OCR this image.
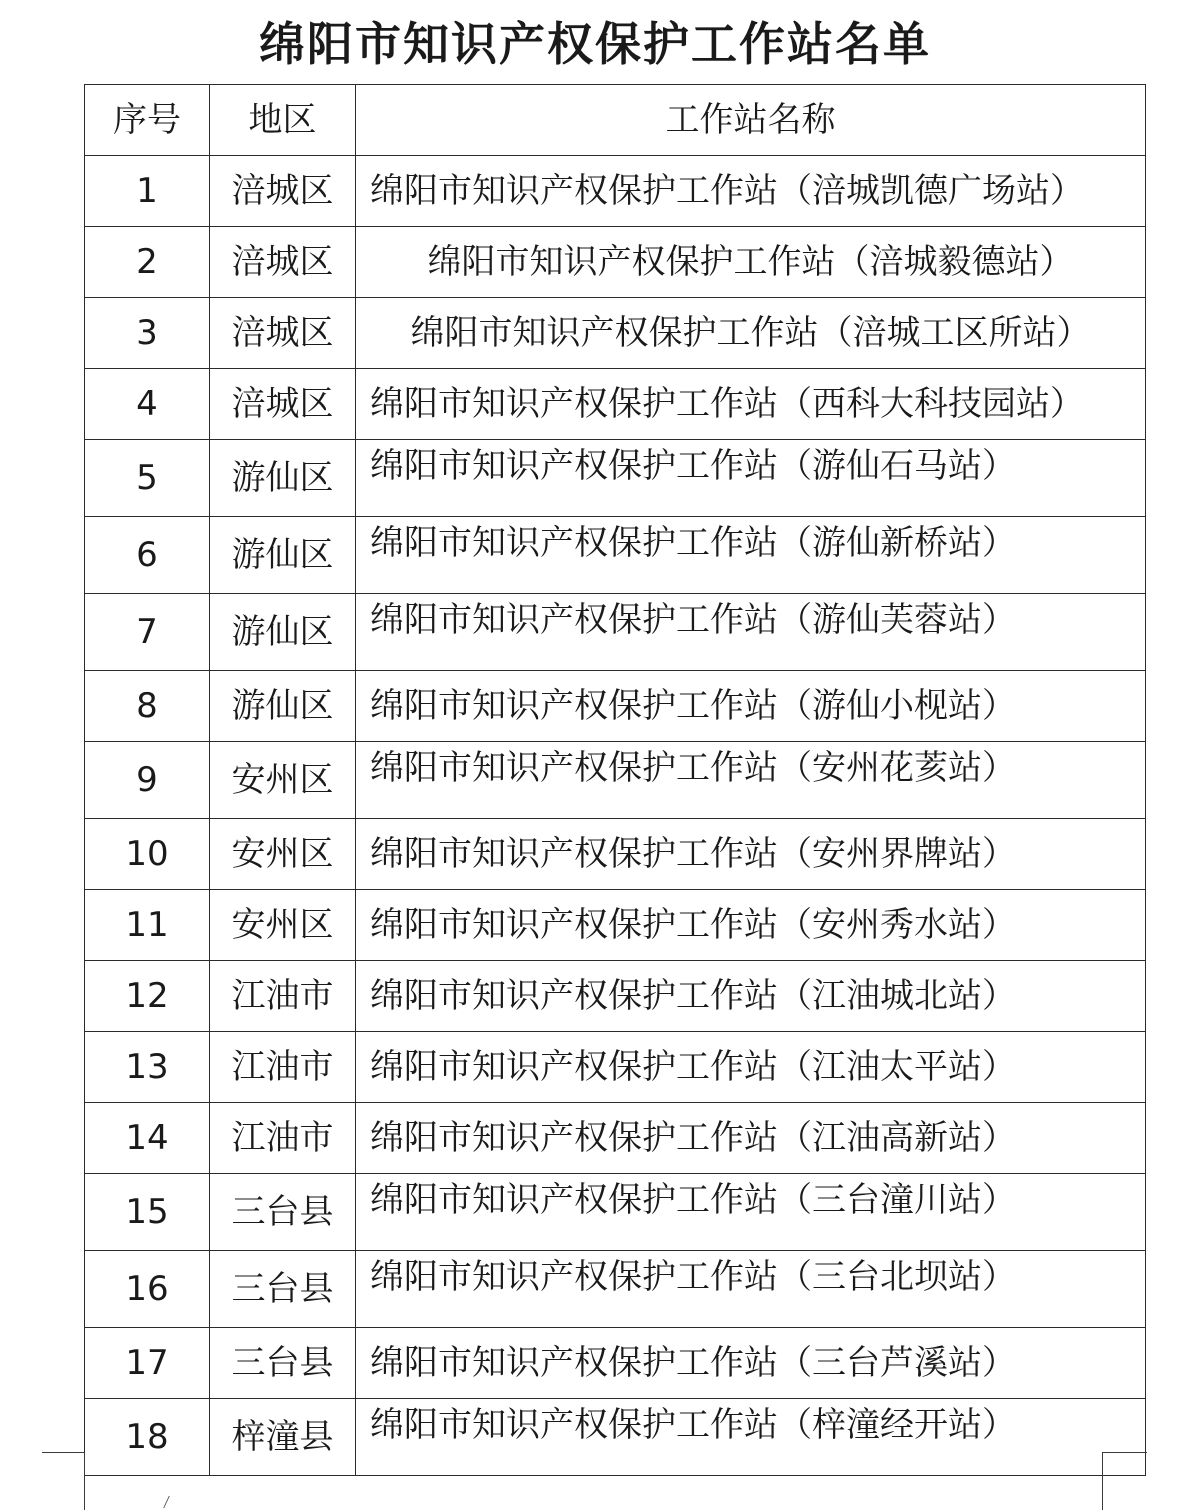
绵阳市知识产权保护工作站名单
序号	地区	工作站名称
1	涪城区	绵阳市知识产权保护工作站（涪城凯德广场站）
2	涪城区	绵阳市知识产权保护工作站（涪城毅德站）
3	涪城区	绵阳市知识产权保护工作站（涪城工区所站）
4	涪城区	绵阳市知识产权保护工作站（西科大科技园站）
5	游仙区	绵阳市知识产权保护工作站（游仙石马站）
6	游仙区	绵阳市知识产权保护工作站（游仙新桥站）
7	游仙区	绵阳市知识产权保护工作站（游仙芙蓉站）
8	游仙区	绵阳市知识产权保护工作站（游仙小枧站）
9	安州区	绵阳市知识产权保护工作站（安州花荄站）
10	安州区	绵阳市知识产权保护工作站（安州界牌站）
11	安州区	绵阳市知识产权保护工作站（安州秀水站）
12	江油市	绵阳市知识产权保护工作站（江油城北站）
13	江油市	绵阳市知识产权保护工作站（江油太平站）
14	江油市	绵阳市知识产权保护工作站（江油高新站）
15	三台县	绵阳市知识产权保护工作站（三台潼川站）
16	三台县	绵阳市知识产权保护工作站（三台北坝站）
17	三台县	绵阳市知识产权保护工作站（三台芦溪站）
18	梓潼县	绵阳市知识产权保护工作站（梓潼经开站）
